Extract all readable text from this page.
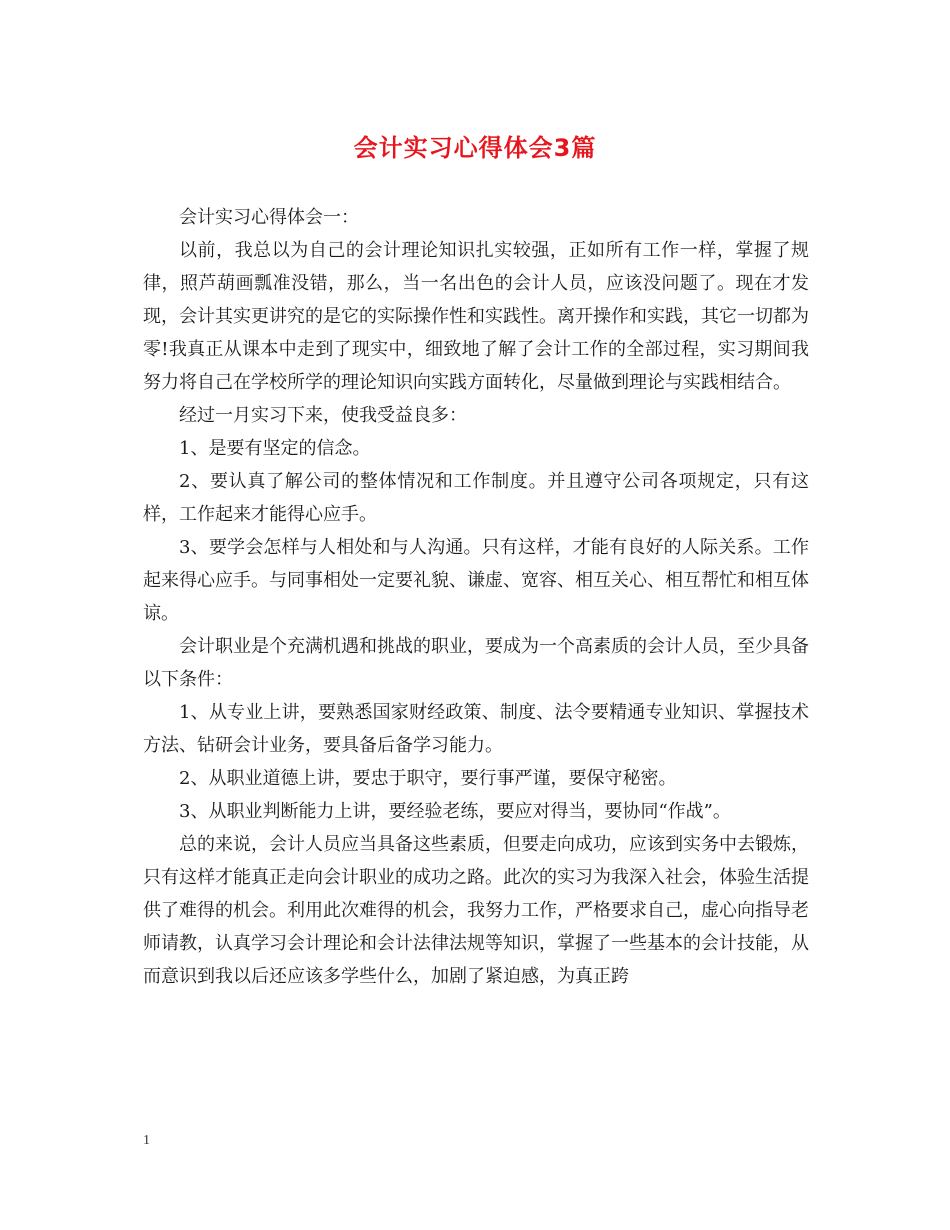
会计实习心得体会3篇

会计实习心得体会一：

以前，我总以为自己的会计理论知识扎实较强，正如所有工作一样，掌握了规律，照芦葫画瓢准没错，那么，当一名出色的会计人员，应该没问题了。现在才发现，会计其实更讲究的是它的实际操作性和实践性。离开操作和实践，其它一切都为零!我真正从课本中走到了现实中，细致地了解了会计工作的全部过程，实习期间我努力将自己在学校所学的理论知识向实践方面转化，尽量做到理论与实践相结合。

经过一月实习下来，使我受益良多：

1、是要有坚定的信念。

2、要认真了解公司的整体情况和工作制度。并且遵守公司各项规定，只有这样，工作起来才能得心应手。

3、要学会怎样与人相处和与人沟通。只有这样，才能有良好的人际关系。工作起来得心应手。与同事相处一定要礼貌、谦虚、宽容、相互关心、相互帮忙和相互体谅。

会计职业是个充满机遇和挑战的职业，要成为一个高素质的会计人员，至少具备以下条件：

1、从专业上讲，要熟悉国家财经政策、制度、法令要精通专业知识、掌握技术方法、钻研会计业务，要具备后备学习能力。

2、从职业道德上讲，要忠于职守，要行事严谨，要保守秘密。

3、从职业判断能力上讲，要经验老练，要应对得当，要协同“作战”。

总的来说，会计人员应当具备这些素质，但要走向成功，应该到实务中去锻炼，只有这样才能真正走向会计职业的成功之路。此次的实习为我深入社会，体验生活提供了难得的机会。利用此次难得的机会，我努力工作，严格要求自己，虚心向指导老师请教，认真学习会计理论和会计法律法规等知识，掌握了一些基本的会计技能，从而意识到我以后还应该多学些什么，加剧了紧迫感，为真正跨

1
